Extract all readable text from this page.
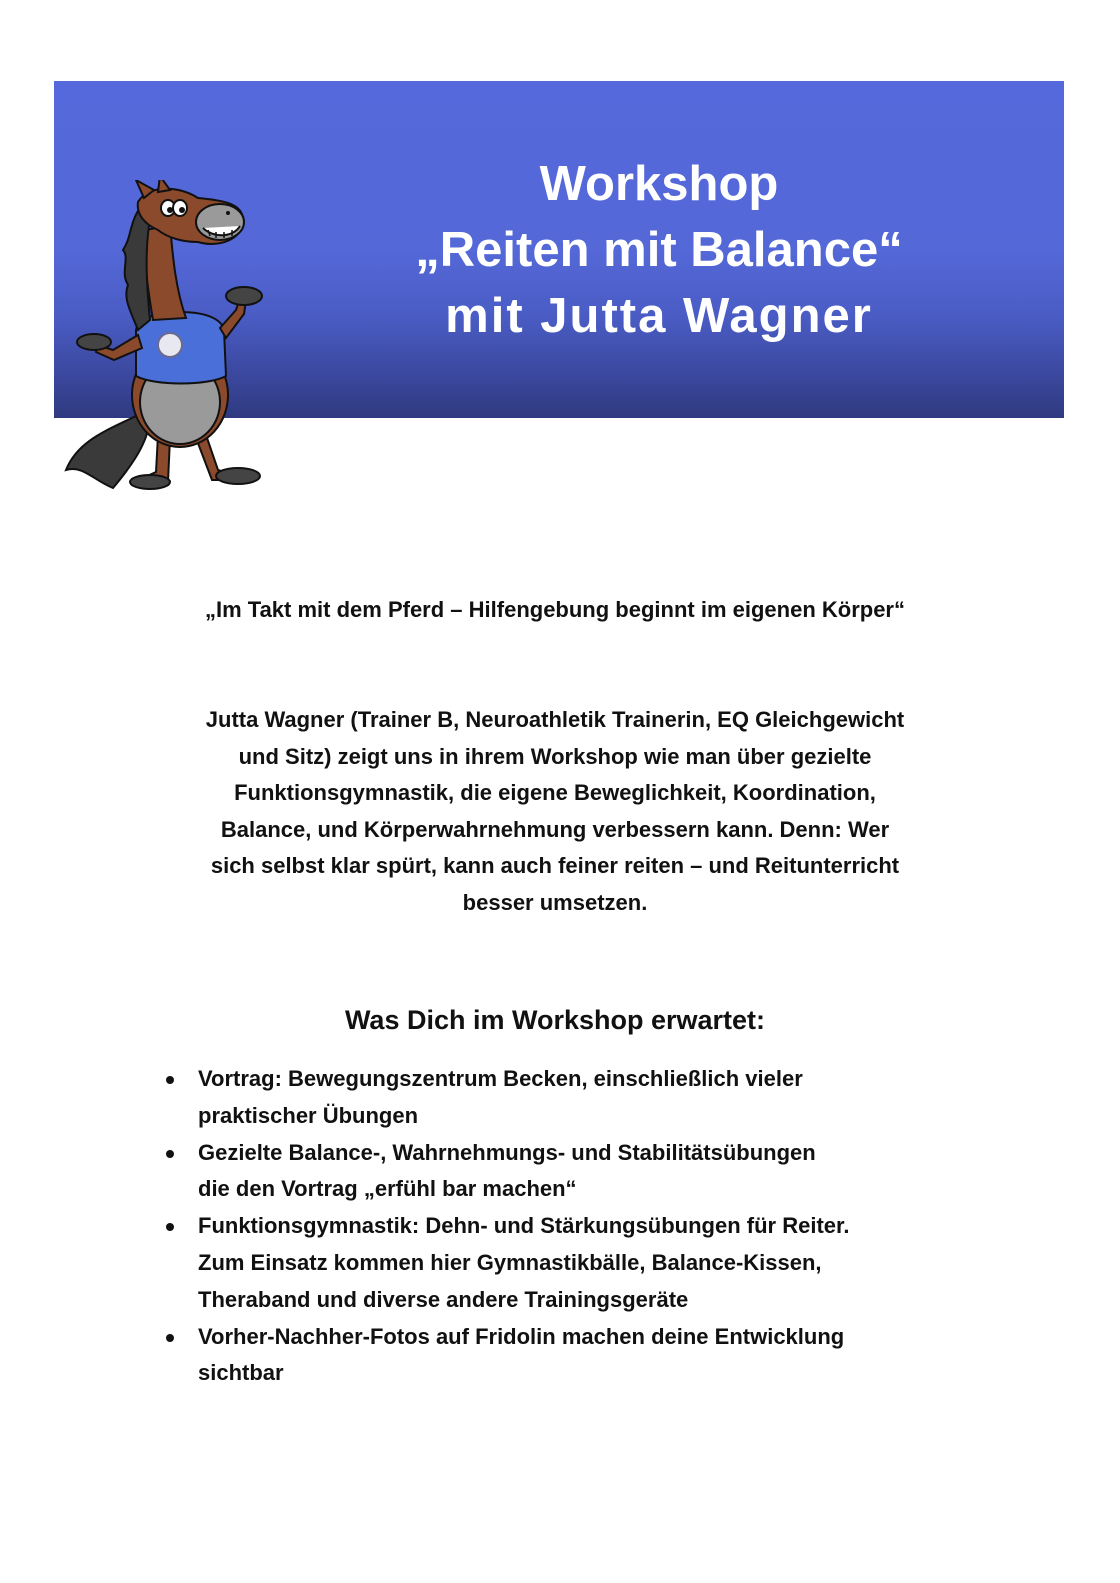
Workshop
„Reiten mit Balance“
mit Jutta Wagner
„Im Takt mit dem Pferd – Hilfengebung beginnt im eigenen Körper“
Jutta Wagner (Trainer B, Neuroathletik Trainerin, EQ Gleichgewicht
und Sitz) zeigt uns in ihrem Workshop wie man über gezielte
Funktionsgymnastik, die eigene Beweglichkeit, Koordination,
Balance, und Körperwahrnehmung verbessern kann. Denn: Wer
sich selbst klar spürt, kann auch feiner reiten – und Reitunterricht
besser umsetzen.
Was Dich im Workshop erwartet:
Vortrag: Bewegungszentrum Becken, einschließlich vieler
praktischer Übungen
Gezielte Balance-, Wahrnehmungs- und Stabilitätsübungen
die den Vortrag „erfühl bar machen“
Funktionsgymnastik: Dehn- und Stärkungsübungen für Reiter.
Zum Einsatz kommen hier Gymnastikbälle, Balance-Kissen,
Theraband und diverse andere Trainingsgeräte
Vorher-Nachher-Fotos auf Fridolin machen deine Entwicklung
sichtbar
